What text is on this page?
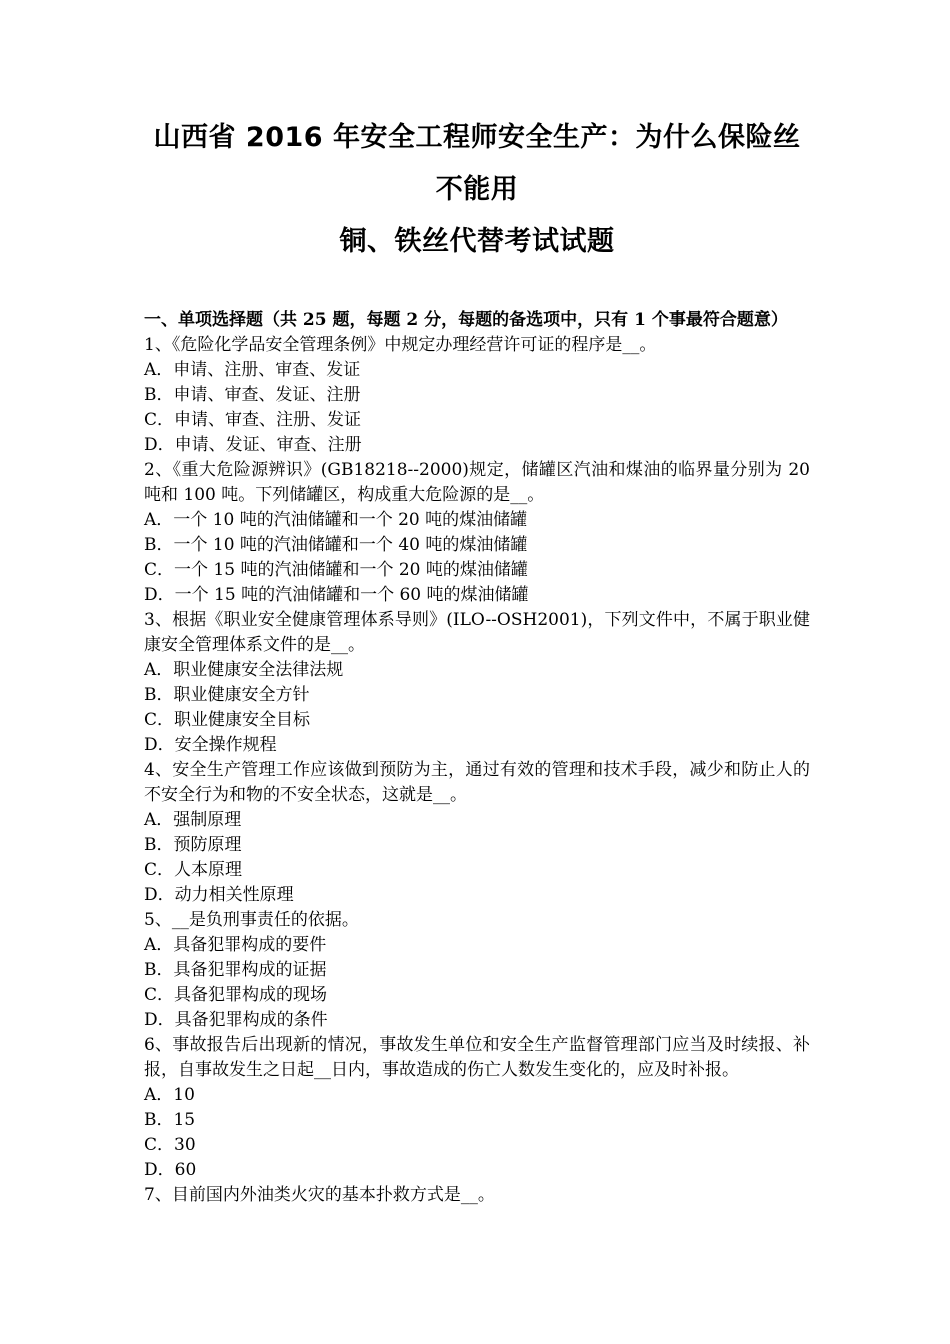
山西省 2016 年安全工程师安全生产：为什么保险丝不能用
铜、铁丝代替考试试题
一、单项选择题（共 25 题，每题 2 分，每题的备选项中，只有 1 个事最符合题意）
1、《危险化学品安全管理条例》中规定办理经营许可证的程序是__。
A．申请、注册、审查、发证
B．申请、审查、发证、注册
C．申请、审查、注册、发证
D．申请、发证、审查、注册
2、《重大危险源辨识》(GB18218--2000)规定，储罐区汽油和煤油的临界量分别为 20 吨和 100 吨。下列储罐区，构成重大危险源的是__。
A．一个 10 吨的汽油储罐和一个 20 吨的煤油储罐
B．一个 10 吨的汽油储罐和一个 40 吨的煤油储罐
C．一个 15 吨的汽油储罐和一个 20 吨的煤油储罐
D．一个 15 吨的汽油储罐和一个 60 吨的煤油储罐
3、根据《职业安全健康管理体系导则》(ILO--OSH2001)，下列文件中，不属于职业健康安全管理体系文件的是__。
A．职业健康安全法律法规
B．职业健康安全方针
C．职业健康安全目标
D．安全操作规程
4、安全生产管理工作应该做到预防为主，通过有效的管理和技术手段，减少和防止人的不安全行为和物的不安全状态，这就是__。
A．强制原理
B．预防原理
C．人本原理
D．动力相关性原理
5、__是负刑事责任的依据。
A．具备犯罪构成的要件
B．具备犯罪构成的证据
C．具备犯罪构成的现场
D．具备犯罪构成的条件
6、事故报告后出现新的情况，事故发生单位和安全生产监督管理部门应当及时续报、补报，自事故发生之日起__日内，事故造成的伤亡人数发生变化的，应及时补报。
A．10
B．15
C．30
D．60
7、目前国内外油类火灾的基本扑救方式是__。
